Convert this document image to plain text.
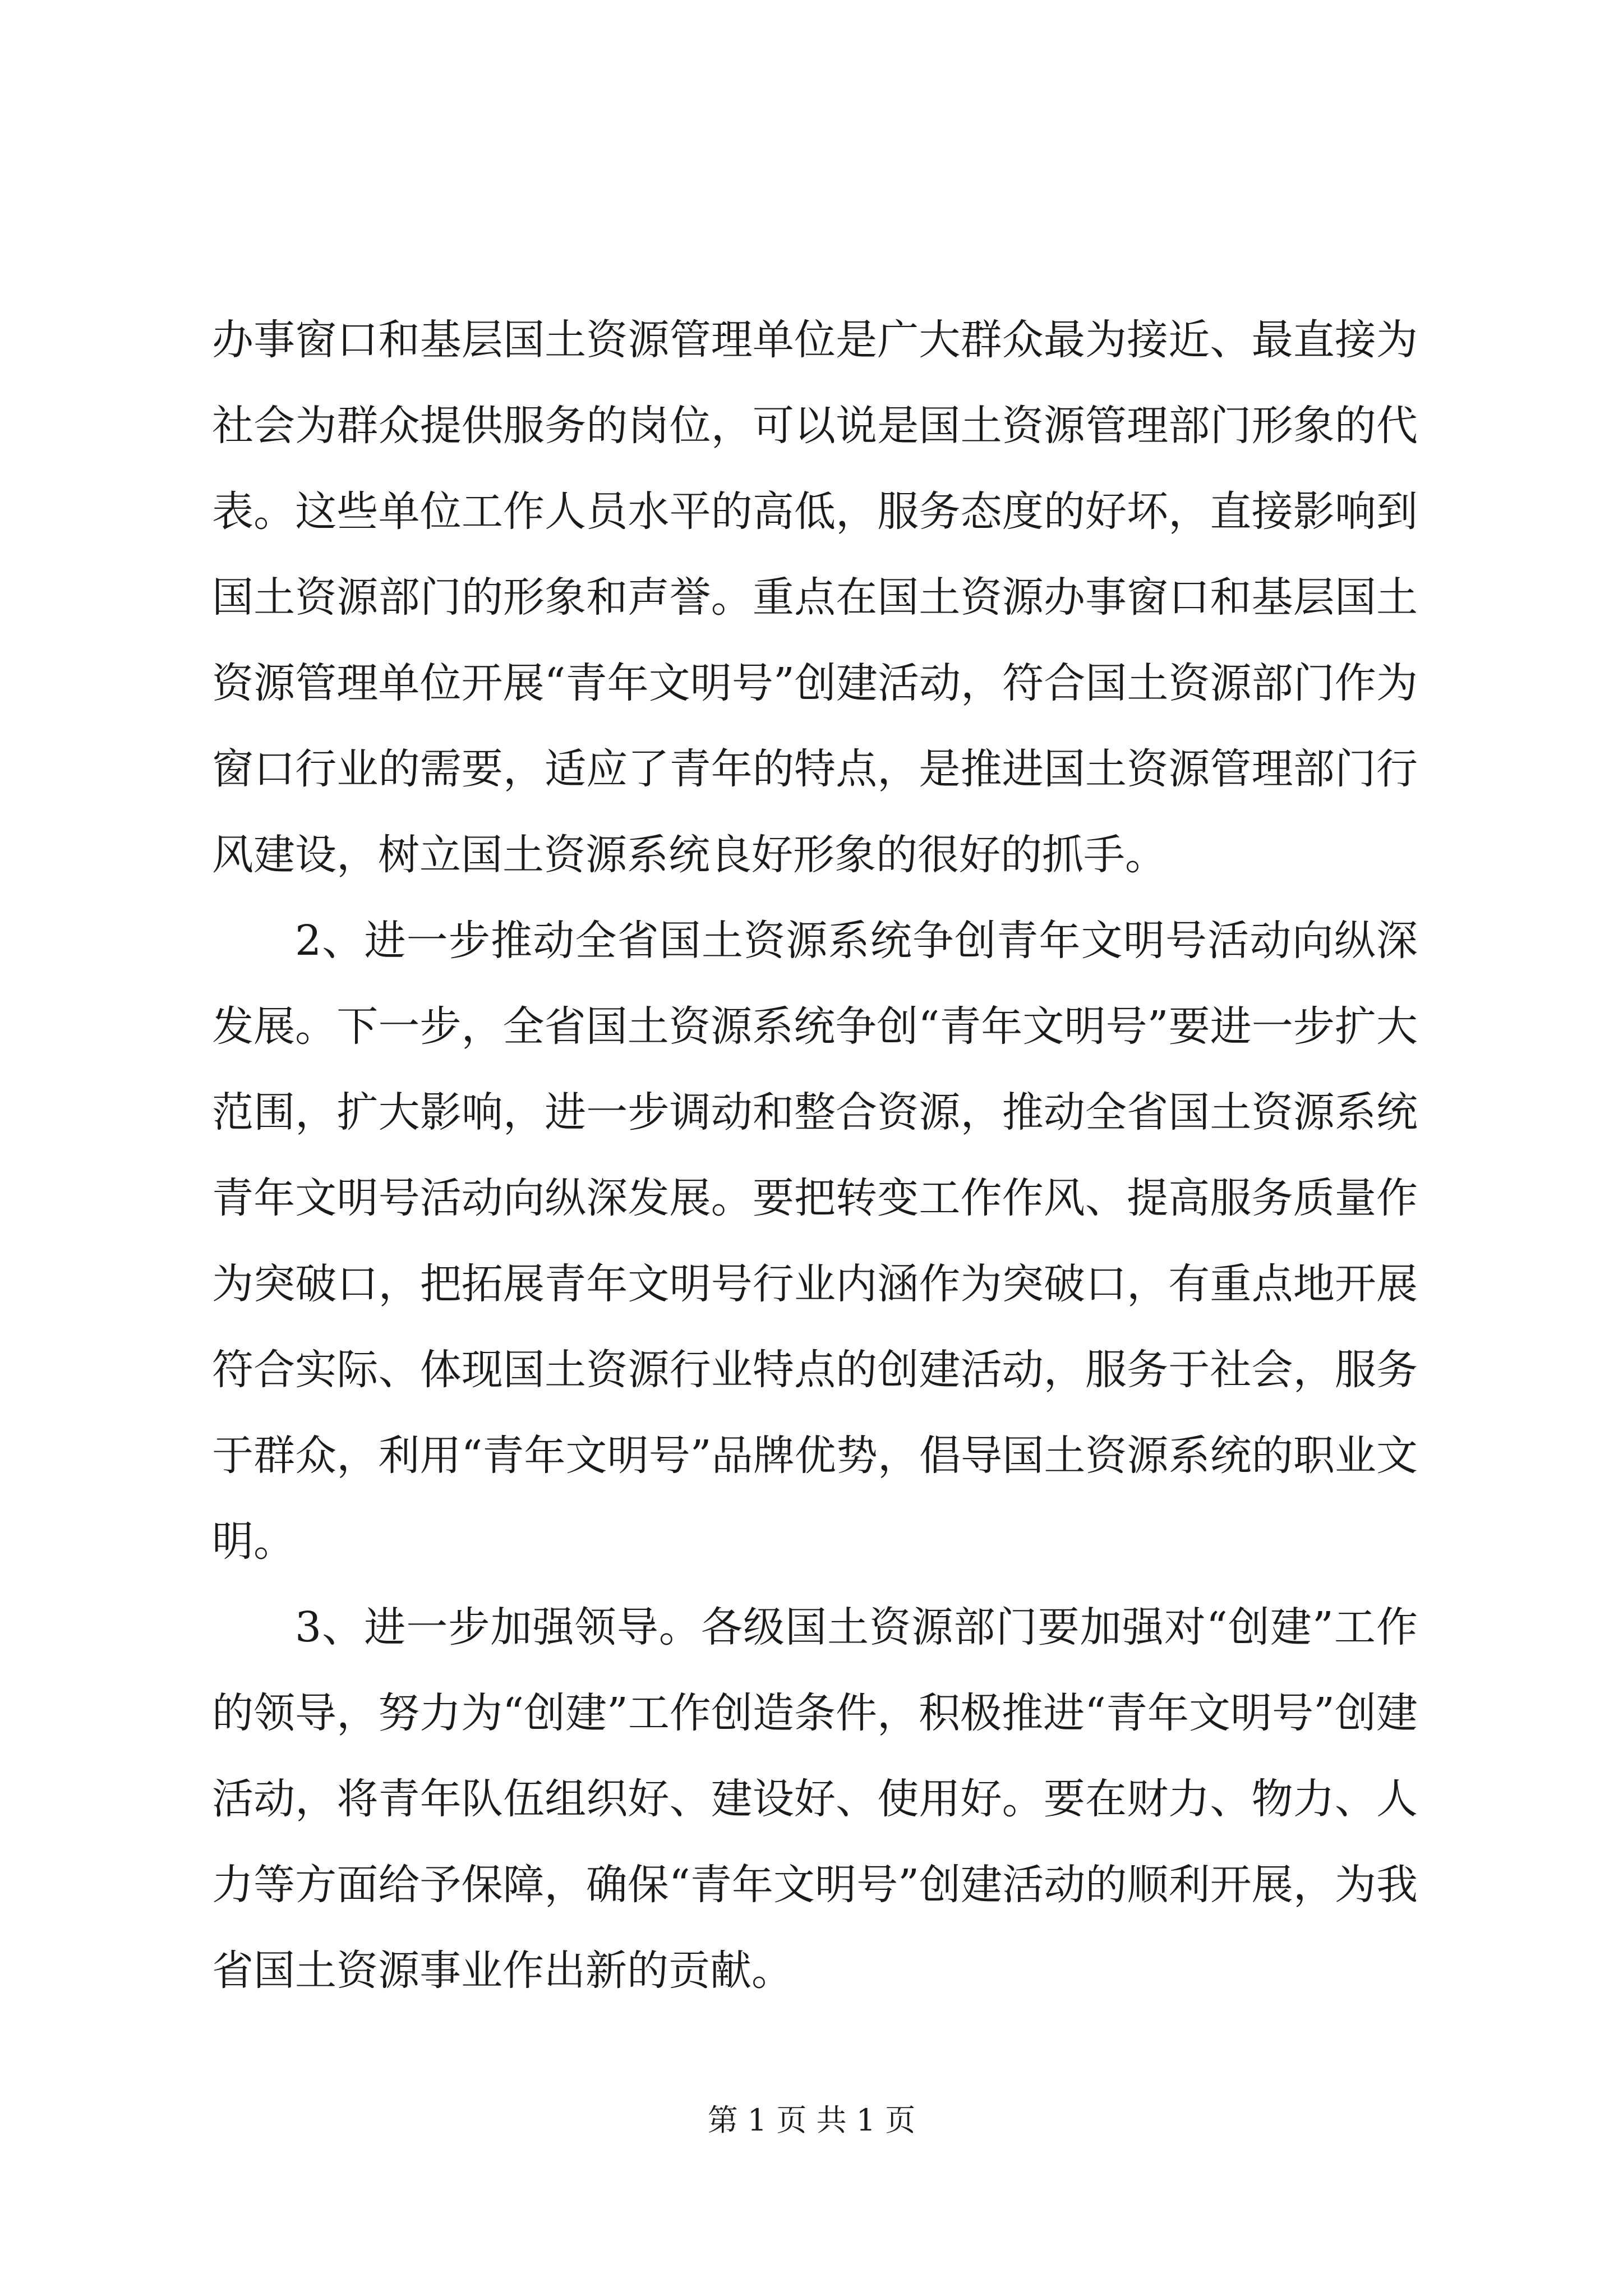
办事窗口和基层国土资源管理单位是广大群众最为接近、最直接为社会为群众提供服务的岗位，可以说是国土资源管理部门形象的代表。这些单位工作人员水平的高低，服务态度的好坏，直接影响到国土资源部门的形象和声誉。重点在国土资源办事窗口和基层国土资源管理单位开展“青年文明号”创建活动，符合国土资源部门作为窗口行业的需要，适应了青年的特点，是推进国土资源管理部门行风建设，树立国土资源系统良好形象的很好的抓手。

2、进一步推动全省国土资源系统争创青年文明号活动向纵深发展。下一步，全省国土资源系统争创“青年文明号”要进一步扩大范围，扩大影响，进一步调动和整合资源，推动全省国土资源系统青年文明号活动向纵深发展。要把转变工作作风、提高服务质量作为突破口，把拓展青年文明号行业内涵作为突破口，有重点地开展符合实际、体现国土资源行业特点的创建活动，服务于社会，服务于群众，利用“青年文明号”品牌优势，倡导国土资源系统的职业文明。

3、进一步加强领导。各级国土资源部门要加强对“创建”工作的领导，努力为“创建”工作创造条件，积极推进“青年文明号”创建活动，将青年队伍组织好、建设好、使用好。要在财力、物力、人力等方面给予保障，确保“青年文明号”创建活动的顺利开展，为我省国土资源事业作出新的贡献。

第 1 页 共 1 页
